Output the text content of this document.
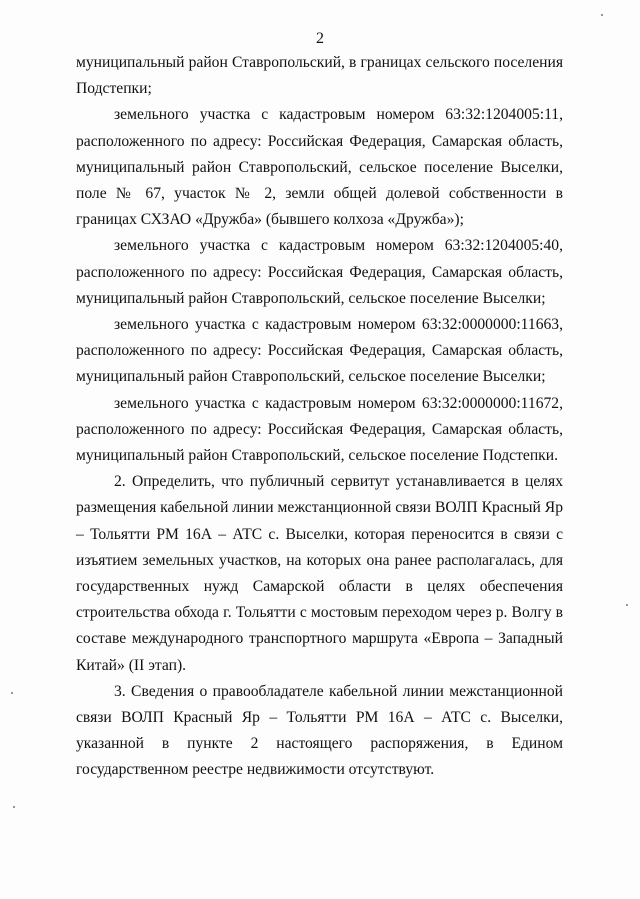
2

муниципальный район Ставропольский, в границах сельского поселения Подстепки;

земельного участка с кадастровым номером 63:32:1204005:11, расположенного по адресу: Российская Федерация, Самарская область, муниципальный район Ставропольский, сельское поселение Выселки, поле № 67, участок № 2, земли общей долевой собственности в границах СХЗАО «Дружба» (бывшего колхоза «Дружба»);

земельного участка с кадастровым номером 63:32:1204005:40, расположенного по адресу: Российская Федерация, Самарская область, муниципальный район Ставропольский, сельское поселение Выселки;

земельного участка с кадастровым номером 63:32:0000000:11663, расположенного по адресу: Российская Федерация, Самарская область, муниципальный район Ставропольский, сельское поселение Выселки;

земельного участка с кадастровым номером 63:32:0000000:11672, расположенного по адресу: Российская Федерация, Самарская область, муниципальный район Ставропольский, сельское поселение Подстепки.

2. Определить, что публичный сервитут устанавливается в целях размещения кабельной линии межстанционной связи ВОЛП Красный Яр – Тольятти РМ 16А – АТС с. Выселки, которая переносится в связи с изъятием земельных участков, на которых она ранее располагалась, для государственных нужд Самарской области в целях обеспечения строительства обхода г. Тольятти с мостовым переходом через р. Волгу в составе международного транспортного маршрута «Европа – Западный Китай» (II этап).

3. Сведения о правообладателе кабельной линии межстанционной связи ВОЛП Красный Яр – Тольятти РМ 16А – АТС с. Выселки, указанной в пункте 2 настоящего распоряжения, в Едином государственном реестре недвижимости отсутствуют.
